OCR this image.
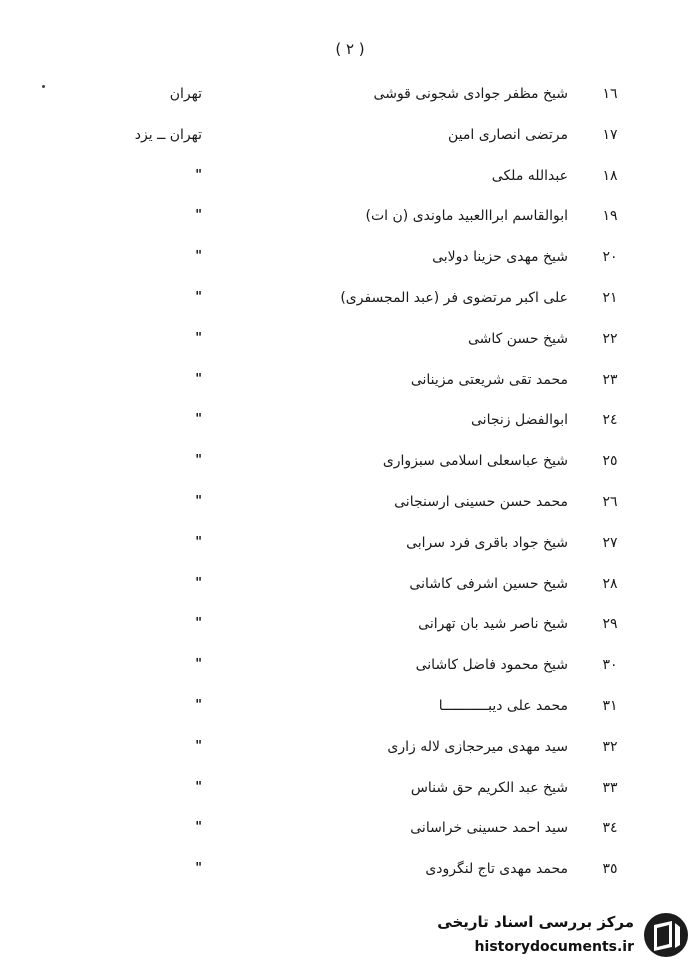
( ٢ )
١٦
شیخ مظفر جوادی شجونی قوشی
تهران
١٧
مرتضی انصاری امین
تهران ــ یزد
١٨
عبدالله ملکی
"
١٩
ابوالقاسم ابراالعبید ماوندی (ن ات)
"
٢٠
شیخ مهدی حزینا دولابی
"
٢١
علی اکبر مرتضوی فر (عبد المجسفری)
"
٢٢
شیخ حسن کاشی
"
٢٣
محمد تقی شریعتی مزینانی
"
٢٤
ابوالفضل زنجانی
"
٢٥
شیخ عباسعلی اسلامی سبزواری
"
٢٦
محمد حسن حسینی ارسنجانی
"
٢٧
شیخ جواد باقری فرد سرابی
"
٢٨
شیخ حسین اشرفی کاشانی
"
٢٩
شیخ ناصر شید بان تهرانی
"
٣٠
شیخ محمود فاضل کاشانی
"
٣١
محمد علی دیبـــــــــــا
"
٣٢
سید مهدی میرحجازی لاله زاری
"
٣٣
شیخ عبد الکریم حق شناس
"
٣٤
سید احمد حسینی خراسانی
"
٣٥
محمد مهدی تاج لنگرودی
"
مرکز بررسی اسناد تاریخی
historydocuments.ir
